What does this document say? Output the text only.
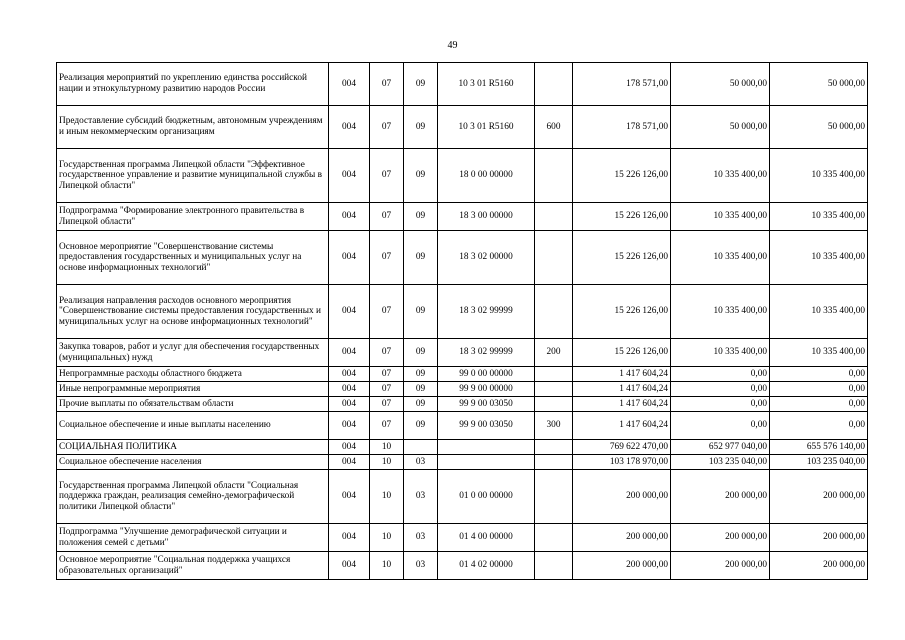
49
Реализация мероприятий по укреплению единства российской нации и этнокультурному развитию народов России	004	07	09	10 3 01 R5160		178 571,00	50 000,00	50 000,00
Предоставление субсидий бюджетным, автономным учреждениям и иным некоммерческим организациям	004	07	09	10 3 01 R5160	600	178 571,00	50 000,00	50 000,00
Государственная программа Липецкой области "Эффективное государственное управление и развитие муниципальной службы в Липецкой области"	004	07	09	18 0 00 00000		15 226 126,00	10 335 400,00	10 335 400,00
Подпрограмма "Формирование электронного правительства в Липецкой области"	004	07	09	18 3 00 00000		15 226 126,00	10 335 400,00	10 335 400,00
Основное мероприятие "Совершенствование системы предоставления государственных и муниципальных услуг на основе информационных технологий"	004	07	09	18 3 02 00000		15 226 126,00	10 335 400,00	10 335 400,00
Реализация направления расходов основного мероприятия "Совершенствование системы предоставления государственных и муниципальных услуг на основе информационных технологий"	004	07	09	18 3 02 99999		15 226 126,00	10 335 400,00	10 335 400,00
Закупка товаров, работ и услуг для обеспечения государственных (муниципальных) нужд	004	07	09	18 3 02 99999	200	15 226 126,00	10 335 400,00	10 335 400,00
Непрограммные расходы областного бюджета	004	07	09	99 0 00 00000		1 417 604,24	0,00	0,00
Иные непрограммные мероприятия	004	07	09	99 9 00 00000		1 417 604,24	0,00	0,00
Прочие выплаты по обязательствам области	004	07	09	99 9 00 03050		1 417 604,24	0,00	0,00
Социальное обеспечение и иные выплаты населению	004	07	09	99 9 00 03050	300	1 417 604,24	0,00	0,00
СОЦИАЛЬНАЯ ПОЛИТИКА	004	10				769 622 470,00	652 977 040,00	655 576 140,00
Социальное обеспечение населения	004	10	03			103 178 970,00	103 235 040,00	103 235 040,00
Государственная программа Липецкой области "Социальная поддержка граждан, реализация семейно-демографической политики Липецкой области"	004	10	03	01 0 00 00000		200 000,00	200 000,00	200 000,00
Подпрограмма "Улучшение демографической ситуации и положения семей с детьми"	004	10	03	01 4 00 00000		200 000,00	200 000,00	200 000,00
Основное мероприятие "Социальная поддержка учащихся образовательных организаций"	004	10	03	01 4 02 00000		200 000,00	200 000,00	200 000,00
